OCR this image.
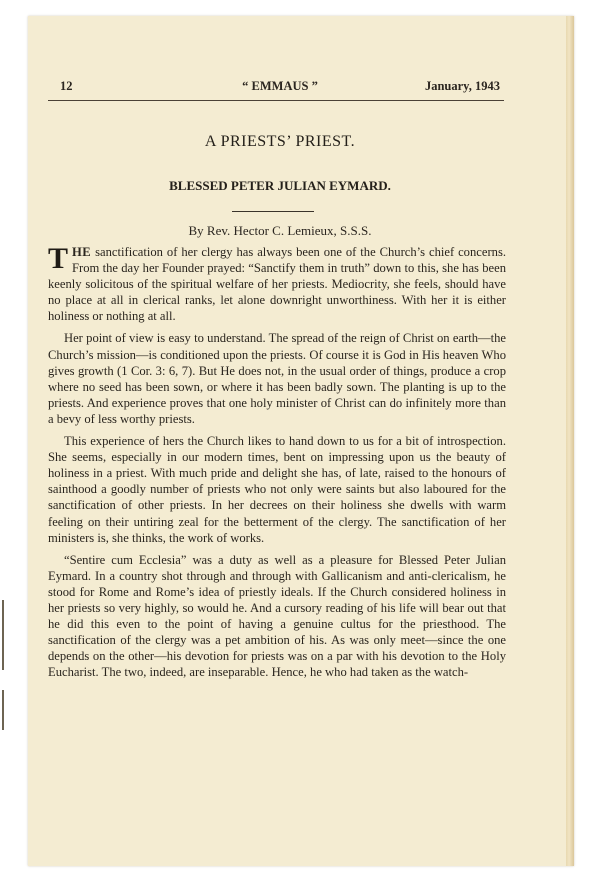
12	“ EMMAUS ”	January, 1943
A PRIESTS’ PRIEST.
BLESSED PETER JULIAN EYMARD.
By Rev. Hector C. Lemieux, S.S.S.

THE sanctification of her clergy has always been one of the Church’s chief concerns. From the day her Founder prayed: “Sanctify them in truth” down to this, she has been keenly solicitous of the spiritual welfare of her priests. Mediocrity, she feels, should have no place at all in clerical ranks, let alone downright unworthiness. With her it is either holiness or nothing at all.

Her point of view is easy to understand. The spread of the reign of Christ on earth—the Church’s mission—is conditioned upon the priests. Of course it is God in His heaven Who gives growth (1 Cor. 3: 6, 7). But He does not, in the usual order of things, produce a crop where no seed has been sown, or where it has been badly sown. The planting is up to the priests. And experience proves that one holy minister of Christ can do infinitely more than a bevy of less worthy priests.

This experience of hers the Church likes to hand down to us for a bit of introspection. She seems, especially in our modern times, bent on impressing upon us the beauty of holiness in a priest. With much pride and delight she has, of late, raised to the honours of sainthood a goodly number of priests who not only were saints but also laboured for the sanctification of other priests. In her decrees on their holiness she dwells with warm feeling on their untiring zeal for the betterment of the clergy. The sanctification of her ministers is, she thinks, the work of works.

“Sentire cum Ecclesia” was a duty as well as a pleasure for Blessed Peter Julian Eymard. In a country shot through and through with Gallicanism and anti-clericalism, he stood for Rome and Rome’s idea of priestly ideals. If the Church considered holiness in her priests so very highly, so would he. And a cursory reading of his life will bear out that he did this even to the point of having a genuine cultus for the priesthood. The sanctification of the clergy was a pet ambition of his. As was only meet—since the one depends on the other—his devotion for priests was on a par with his devotion to the Holy Eucharist. The two, indeed, are inseparable. Hence, he who had taken as the watch-
